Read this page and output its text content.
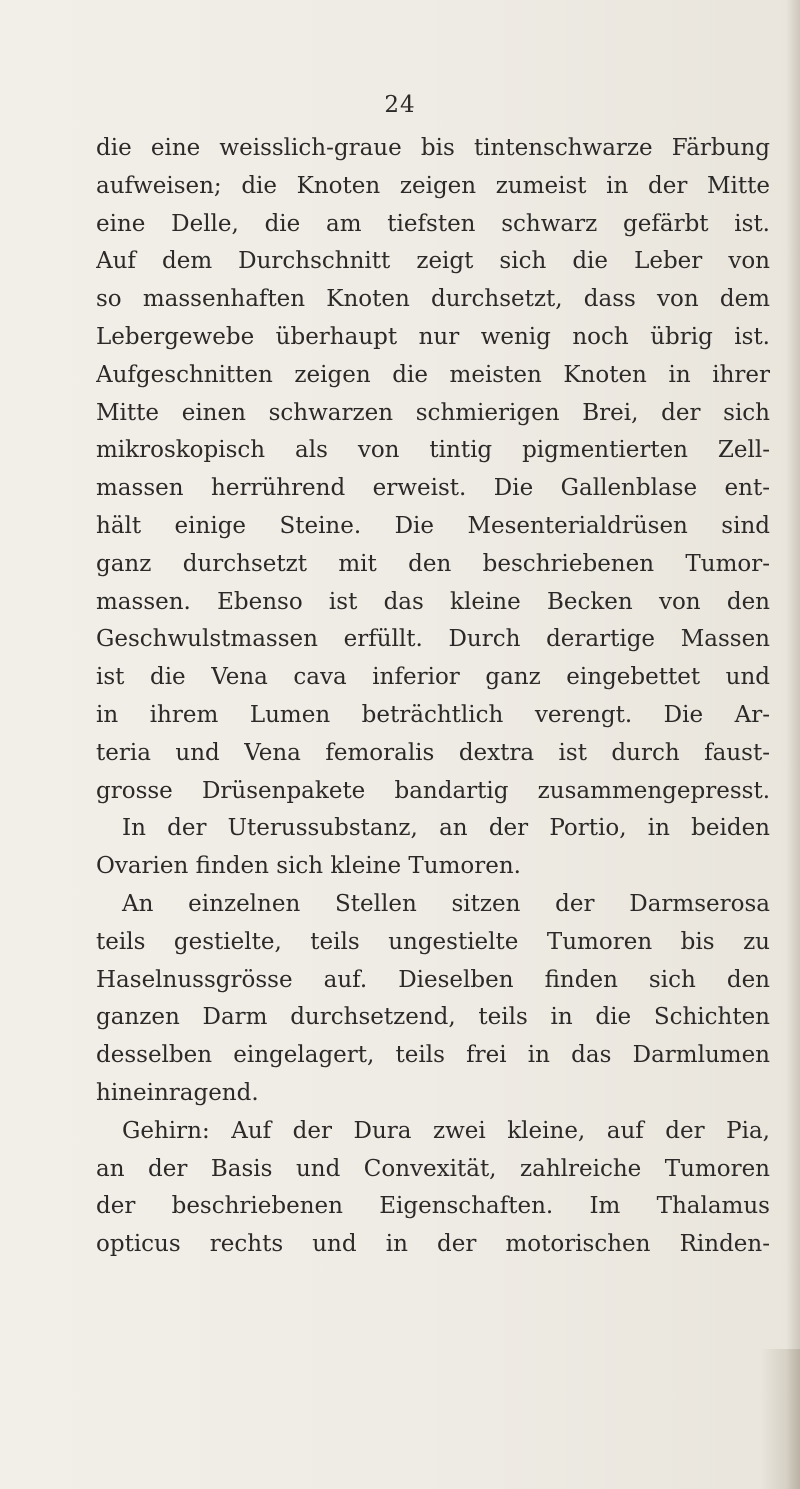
24
die eine weisslich-graue bis tintenschwarze Färbung
aufweisen; die Knoten zeigen zumeist in der Mitte
eine Delle, die am tiefsten schwarz gefärbt ist.
Auf dem Durchschnitt zeigt sich die Leber von
so massenhaften Knoten durchsetzt, dass von dem
Lebergewebe überhaupt nur wenig noch übrig ist.
Aufgeschnitten zeigen die meisten Knoten in ihrer
Mitte einen schwarzen schmierigen Brei, der sich
mikroskopisch als von tintig pigmentierten Zell-
massen herrührend erweist. Die Gallenblase ent-
hält einige Steine. Die Mesenterialdrüsen sind
ganz durchsetzt mit den beschriebenen Tumor-
massen. Ebenso ist das kleine Becken von den
Geschwulstmassen erfüllt. Durch derartige Massen
ist die Vena cava inferior ganz eingebettet und
in ihrem Lumen beträchtlich verengt. Die Ar-
teria und Vena femoralis dextra ist durch faust-
grosse Drüsenpakete bandartig zusammengepresst.
In der Uterussubstanz, an der Portio, in beiden
Ovarien finden sich kleine Tumoren.
An einzelnen Stellen sitzen der Darmserosa
teils gestielte, teils ungestielte Tumoren bis zu
Haselnussgrösse auf. Dieselben finden sich den
ganzen Darm durchsetzend, teils in die Schichten
desselben eingelagert, teils frei in das Darmlumen
hineinragend.
Gehirn: Auf der Dura zwei kleine, auf der Pia,
an der Basis und Convexität, zahlreiche Tumoren
der beschriebenen Eigenschaften. Im Thalamus
opticus rechts und in der motorischen Rinden-
